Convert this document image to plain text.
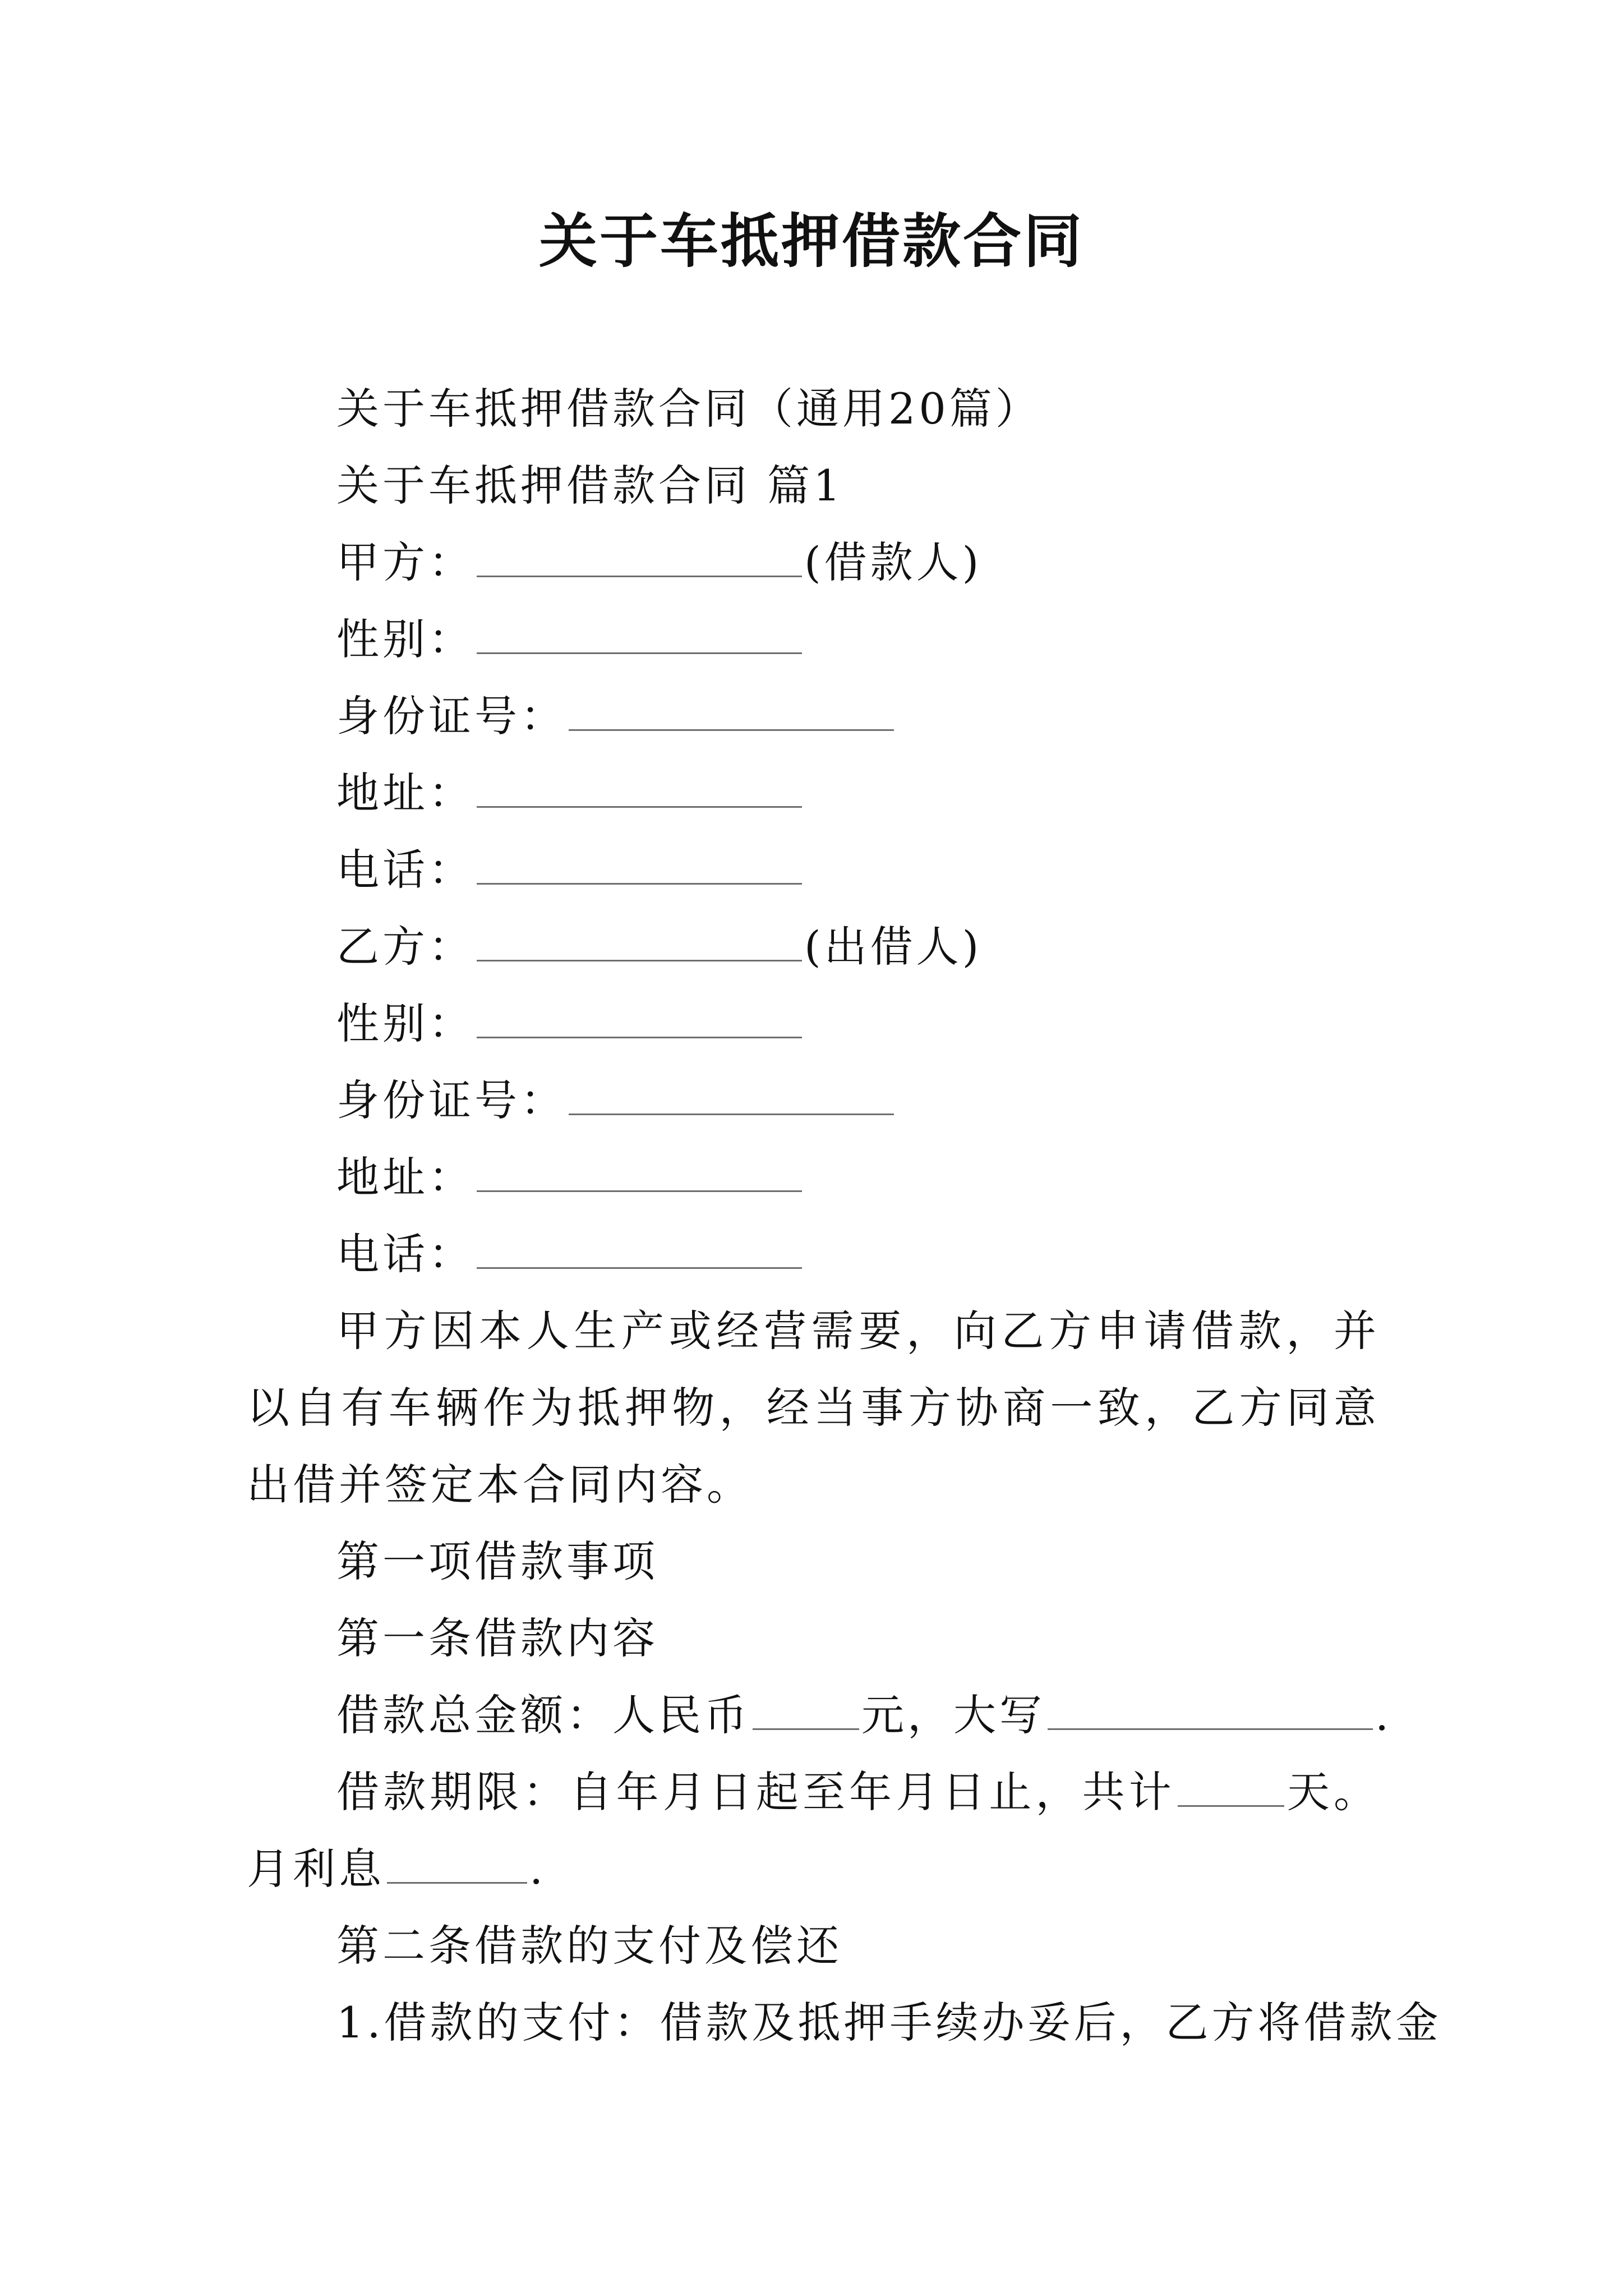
关于车抵押借款合同
关于车抵押借款合同（通用20篇）
关于车抵押借款合同 篇1
甲方：	(借款人)
性别：
身份证号：
地址：
电话：
乙方：	(出借人)
性别：
身份证号：
地址：
电话：
甲方因本人生产或经营需要，向乙方申请借款，并以自有车辆作为抵押物，经当事方协商一致，乙方同意出借并签定本合同内容。
第一项借款事项
第一条借款内容
借款总金额：人民币	元，大写	.
借款期限：自年月日起至年月日止，共计	天。月利息	.
第二条借款的支付及偿还
1.借款的支付：借款及抵押手续办妥后，乙方将借款金
